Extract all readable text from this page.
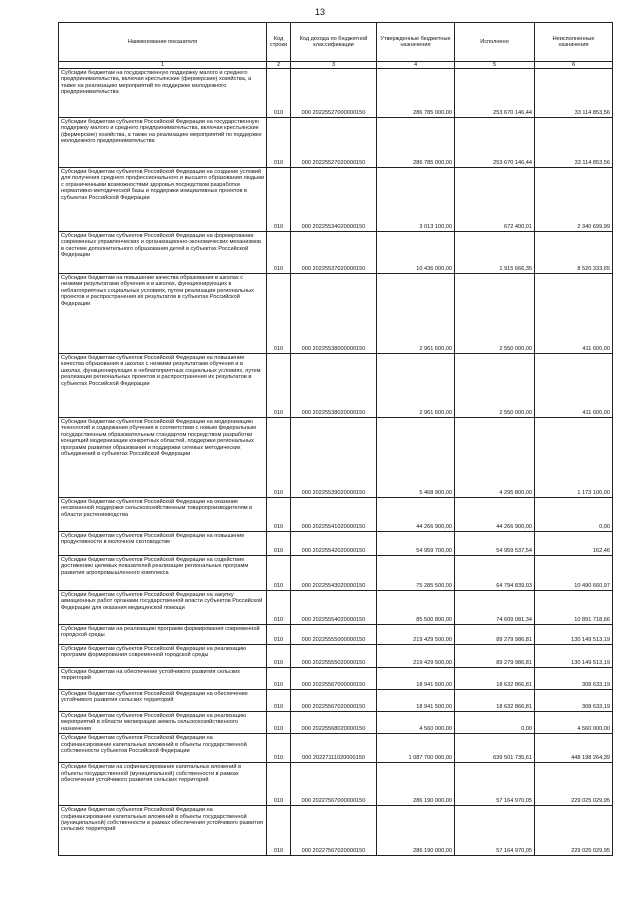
13
Наименование показателя	Код строки	Код дохода по бюджетной классификации	Утвержденные бюджетные назначения	Исполнено	Неисполненные назначения
1	2	3	4	5	6
Субсидии бюджетам на государственную поддержку малого и среднего предпринимательства, включая крестьянские (фермерские) хозяйства, а также на реализацию мероприятий по поддержке молодежного предпринимательства	010	000 20225527000000150	286 785 000,00	253 670 146,44	33 114 853,56
Субсидии бюджетам субъектов Российской Федерации на государственную поддержку малого и среднего предпринимательства, включая крестьянские (фермерские) хозяйства, а также на реализацию мероприятий по поддержке молодежного предпринимательства	010	000 20225527020000150	286 785 000,00	253 670 146,44	33 114 853,56
Субсидии бюджетам субъектов Российской Федерации на создание условий для получения среднего профессионального и высшего образования людьми с ограниченными возможностями здоровья посредством разработки нормативно-методической базы и поддержки инициативных проектов в субъектах Российской Федерации	010	000 20225534020000150	3 013 100,00	672 400,01	2 340 699,99
Субсидии бюджетам субъектов Российской Федерации на формирование современных управленческих и организационно-экономических механизмов в системе дополнительного образования детей в субъектах Российской Федерации	010	000 20225537020000150	10 436 000,00	1 915 666,35	8 520 333,65
Субсидии бюджетам на повышение качества образования в школах с низкими результатами обучения и в школах, функционирующих в неблагоприятных социальных условиях, путем реализации региональных проектов и распространения их результатов в субъектах Российской Федерации	010	000 20225538000000150	2 961 600,00	2 550 000,00	411 600,00
Субсидии бюджетам субъектов Российской Федерации на повышение качества образования в школах с низкими результатами обучения и в школах, функционирующих в неблагоприятных социальных условиях, путем реализации региональных проектов и распространения их результатов в субъектах Российской Федерации	010	000 20225538020000150	2 961 600,00	2 550 000,00	411 600,00
Субсидии бюджетам субъектов Российской Федерации на модернизацию технологий и содержания обучения в соответствии с новым федеральным государственным образовательным стандартом посредством разработки концепций модернизации конкретных областей, поддержки региональных программ развития образования и поддержки сетевых методических объединений в субъектах Российской Федерации	010	000 20225539020000150	5 468 900,00	4 295 800,00	1 173 100,00
Субсидии бюджетам субъектов Российской Федерации на оказание несвязанной поддержки сельскохозяйственным товаропроизводителям в области растениеводства	010	000 20225541020000150	44 266 900,00	44 266 900,00	0,00
Субсидии бюджетам субъектов Российской Федерации на повышение продуктивности в молочном скотоводстве	010	000 20225542020000150	54 959 700,00	54 959 537,54	162,46
Субсидии бюджетам субъектов Российской Федерации на содействие достижению целевых показателей реализации региональных программ развития агропромышленного комплекса	010	000 20225543020000150	75 285 500,00	64 794 839,03	10 490 660,97
Субсидии бюджетам субъектов Российской Федерации на закупку авиационных работ органами государственной власти субъектов Российской Федерации для оказания медицинской помощи	010	000 20225554020000150	85 500 800,00	74 609 081,34	10 891 718,66
Субсидии бюджетам на реализацию программ формирования современной городской среды	010	000 20225555000000150	219 429 500,00	89 279 986,81	130 149 513,19
Субсидии бюджетам субъектов Российской Федерации на реализацию программ формирования современной городской среды	010	000 20225555020000150	219 429 500,00	89 279 986,81	130 149 513,19
Субсидии бюджетам на обеспечение устойчивого развития сельских территорий	010	000 20225567000000150	18 941 500,00	18 632 866,81	308 633,19
Субсидии бюджетам субъектов Российской Федерации на обеспечение устойчивого развития сельских территорий	010	000 20225567020000150	18 941 500,00	18 632 866,81	308 633,19
Субсидии бюджетам субъектов Российской Федерации на реализацию мероприятий в области мелиорации земель сельскохозяйственного назначения	010	000 20225568020000150	4 560 000,00	0,00	4 560 000,00
Субсидии бюджетам субъектов Российской Федерации на софинансирование капитальных вложений в объекты государственной собственности субъектов Российской Федерации	010	000 20227111020000150	1 087 700 000,00	639 501 735,61	448 198 264,39
Субсидии бюджетам на софинансирование капитальных вложений в объекты государственной (муниципальной) собственности в рамках обеспечения устойчивого развития сельских территорий	010	000 20227567000000150	286 190 000,00	57 164 970,05	229 025 029,95
Субсидии бюджетам субъектов Российской Федерации на софинансирование капитальных вложений в объекты государственной (муниципальной) собственности в рамках обеспечения устойчивого развития сельских территорий	010	000 20227567020000150	286 190 000,00	57 164 970,05	229 025 029,95
